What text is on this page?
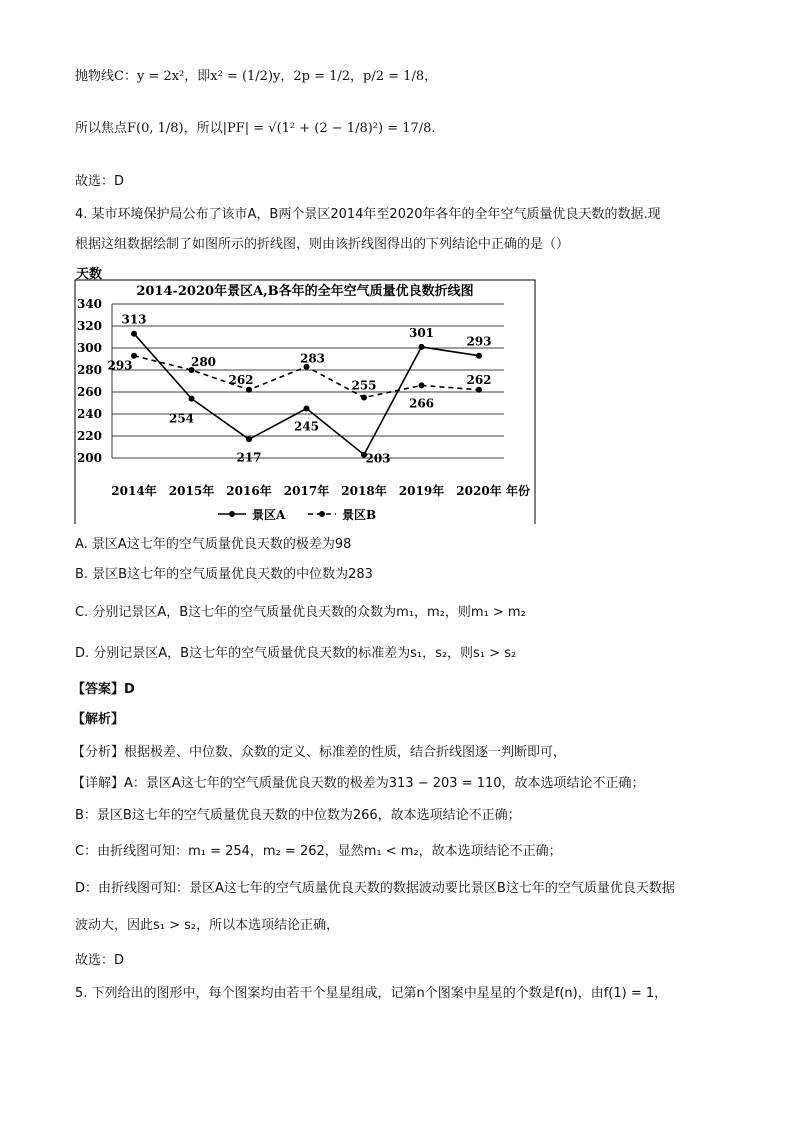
抛物线C：y = 2x²，即x² = (1/2)y，2p = 1/2，p/2 = 1/8，
所以焦点F(0, 1/8)，所以|PF| = √(1² + (2 − 1/8)²) = 17/8.
故选：D
4. 某市环境保护局公布了该市A，B两个景区2014年至2020年各年的全年空气质量优良天数的数据.现
根据这组数据绘制了如图所示的折线图，则由该折线图得出的下列结论中正确的是（）
2014-2020年景区A,B各年的全年空气质量优良数折线图
天数
200
220
240
260
280
300
320
340
2014年 2015年 2016年 2017年 2018年 2019年 2020年 年份
313
254
217
245
203
301
293
293	280
262
283
255
266
262
景区A	景区B
A. 景区A这七年的空气质量优良天数的极差为98
B. 景区B这七年的空气质量优良天数的中位数为283
C. 分别记景区A，B这七年的空气质量优良天数的众数为m₁，m₂，则m₁ > m₂
D. 分别记景区A，B这七年的空气质量优良天数的标准差为s₁，s₂，则s₁ > s₂
【答案】D
【解析】
【分析】根据极差、中位数、众数的定义、标准差的性质，结合折线图逐一判断即可，
【详解】A：景区A这七年的空气质量优良天数的极差为313 − 203 = 110，故本选项结论不正确；
B：景区B这七年的空气质量优良天数的中位数为266，故本选项结论不正确；
C：由折线图可知：m₁ = 254，m₂ = 262，显然m₁ < m₂，故本选项结论不正确；
D：由折线图可知：景区A这七年的空气质量优良天数的数据波动要比景区B这七年的空气质量优良天数据
波动大，因此s₁ > s₂，所以本选项结论正确，
故选：D
5. 下列给出的图形中，每个图案均由若干个星星组成，记第n个图案中星星的个数是f(n)，由f(1) = 1，
